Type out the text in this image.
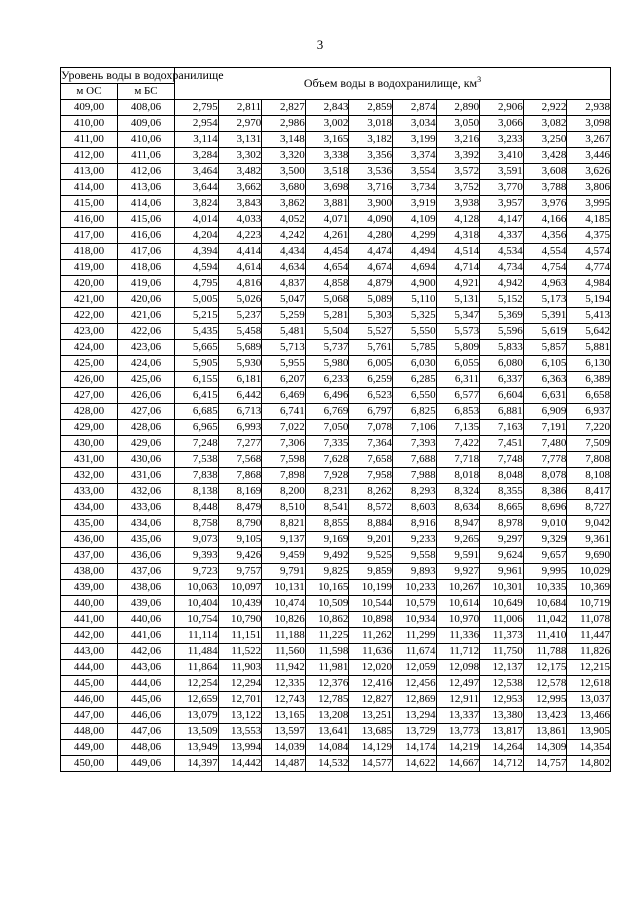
3
Уровень воды в водохранилище		Объем воды в водохранилище, $км^3$
м ОС	м БС										
409,00	408,06	2,795	2,811	2,827	2,843	2,859	2,874	2,890	2,906	2,922	2,938	
410,00	409,06	2,954	2,970	2,986	3,002	3,018	3,034	3,050	3,066	3,082	3,098	
411,00	410,06	3,114	3,131	3,148	3,165	3,182	3,199	3,216	3,233	3,250	3,267	
412,00	411,06	3,284	3,302	3,320	3,338	3,356	3,374	3,392	3,410	3,428	3,446	
413,00	412,06	3,464	3,482	3,500	3,518	3,536	3,554	3,572	3,591	3,608	3,626	
414,00	413,06	3,644	3,662	3,680	3,698	3,716	3,734	3,752	3,770	3,788	3,806	
415,00	414,06	3,824	3,843	3,862	3,881	3,900	3,919	3,938	3,957	3,976	3,995	
416,00	415,06	4,014	4,033	4,052	4,071	4,090	4,109	4,128	4,147	4,166	4,185	
417,00	416,06	4,204	4,223	4,242	4,261	4,280	4,299	4,318	4,337	4,356	4,375	
418,00	417,06	4,394	4,414	4,434	4,454	4,474	4,494	4,514	4,534	4,554	4,574	
419,00	418,06	4,594	4,614	4,634	4,654	4,674	4,694	4,714	4,734	4,754	4,774	
420,00	419,06	4,795	4,816	4,837	4,858	4,879	4,900	4,921	4,942	4,963	4,984	
421,00	420,06	5,005	5,026	5,047	5,068	5,089	5,110	5,131	5,152	5,173	5,194	
422,00	421,06	5,215	5,237	5,259	5,281	5,303	5,325	5,347	5,369	5,391	5,413	
423,00	422,06	5,435	5,458	5,481	5,504	5,527	5,550	5,573	5,596	5,619	5,642	
424,00	423,06	5,665	5,689	5,713	5,737	5,761	5,785	5,809	5,833	5,857	5,881	
425,00	424,06	5,905	5,930	5,955	5,980	6,005	6,030	6,055	6,080	6,105	6,130	
426,00	425,06	6,155	6,181	6,207	6,233	6,259	6,285	6,311	6,337	6,363	6,389	
427,00	426,06	6,415	6,442	6,469	6,496	6,523	6,550	6,577	6,604	6,631	6,658	
428,00	427,06	6,685	6,713	6,741	6,769	6,797	6,825	6,853	6,881	6,909	6,937	
429,00	428,06	6,965	6,993	7,022	7,050	7,078	7,106	7,135	7,163	7,191	7,220	
430,00	429,06	7,248	7,277	7,306	7,335	7,364	7,393	7,422	7,451	7,480	7,509	
431,00	430,06	7,538	7,568	7,598	7,628	7,658	7,688	7,718	7,748	7,778	7,808	
432,00	431,06	7,838	7,868	7,898	7,928	7,958	7,988	8,018	8,048	8,078	8,108	
433,00	432,06	8,138	8,169	8,200	8,231	8,262	8,293	8,324	8,355	8,386	8,417	
434,00	433,06	8,448	8,479	8,510	8,541	8,572	8,603	8,634	8,665	8,696	8,727	
435,00	434,06	8,758	8,790	8,821	8,855	8,884	8,916	8,947	8,978	9,010	9,042	
436,00	435,06	9,073	9,105	9,137	9,169	9,201	9,233	9,265	9,297	9,329	9,361	
437,00	436,06	9,393	9,426	9,459	9,492	9,525	9,558	9,591	9,624	9,657	9,690	
438,00	437,06	9,723	9,757	9,791	9,825	9,859	9,893	9,927	9,961	9,995	10,029	
439,00	438,06	10,063	10,097	10,131	10,165	10,199	10,233	10,267	10,301	10,335	10,369	
440,00	439,06	10,404	10,439	10,474	10,509	10,544	10,579	10,614	10,649	10,684	10,719	
441,00	440,06	10,754	10,790	10,826	10,862	10,898	10,934	10,970	11,006	11,042	11,078	
442,00	441,06	11,114	11,151	11,188	11,225	11,262	11,299	11,336	11,373	11,410	11,447	
443,00	442,06	11,484	11,522	11,560	11,598	11,636	11,674	11,712	11,750	11,788	11,826	
444,00	443,06	11,864	11,903	11,942	11,981	12,020	12,059	12,098	12,137	12,175	12,215	
445,00	444,06	12,254	12,294	12,335	12,376	12,416	12,456	12,497	12,538	12,578	12,618	
446,00	445,06	12,659	12,701	12,743	12,785	12,827	12,869	12,911	12,953	12,995	13,037	
447,00	446,06	13,079	13,122	13,165	13,208	13,251	13,294	13,337	13,380	13,423	13,466	
448,00	447,06	13,509	13,553	13,597	13,641	13,685	13,729	13,773	13,817	13,861	13,905	
449,00	448,06	13,949	13,994	14,039	14,084	14,129	14,174	14,219	14,264	14,309	14,354	
450,00	449,06	14,397	14,442	14,487	14,532	14,577	14,622	14,667	14,712	14,757	14,802	
